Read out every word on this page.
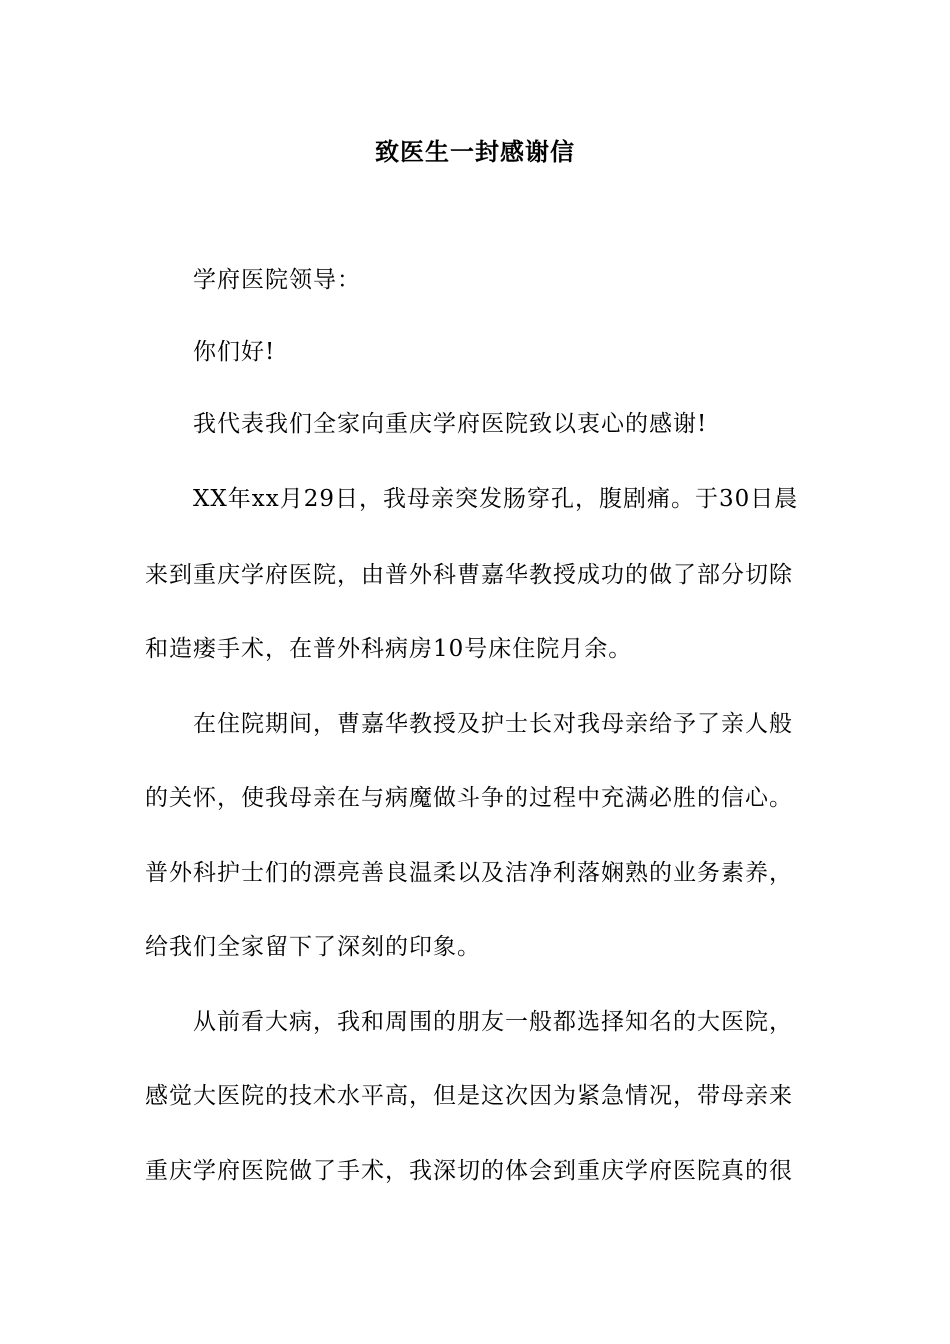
致医生一封感谢信
学府医院领导：
你们好!
我代表我们全家向重庆学府医院致以衷心的感谢!
XX年xx月29日，我母亲突发肠穿孔，腹剧痛。于30日晨
来到重庆学府医院，由普外科曹嘉华教授成功的做了部分切除
和造瘘手术，在普外科病房10号床住院月余。
在住院期间，曹嘉华教授及护士长对我母亲给予了亲人般
的关怀，使我母亲在与病魔做斗争的过程中充满必胜的信心。
普外科护士们的漂亮善良温柔以及洁净利落娴熟的业务素养，
给我们全家留下了深刻的印象。
从前看大病，我和周围的朋友一般都选择知名的大医院，
感觉大医院的技术水平高，但是这次因为紧急情况，带母亲来
重庆学府医院做了手术，我深切的体会到重庆学府医院真的很
